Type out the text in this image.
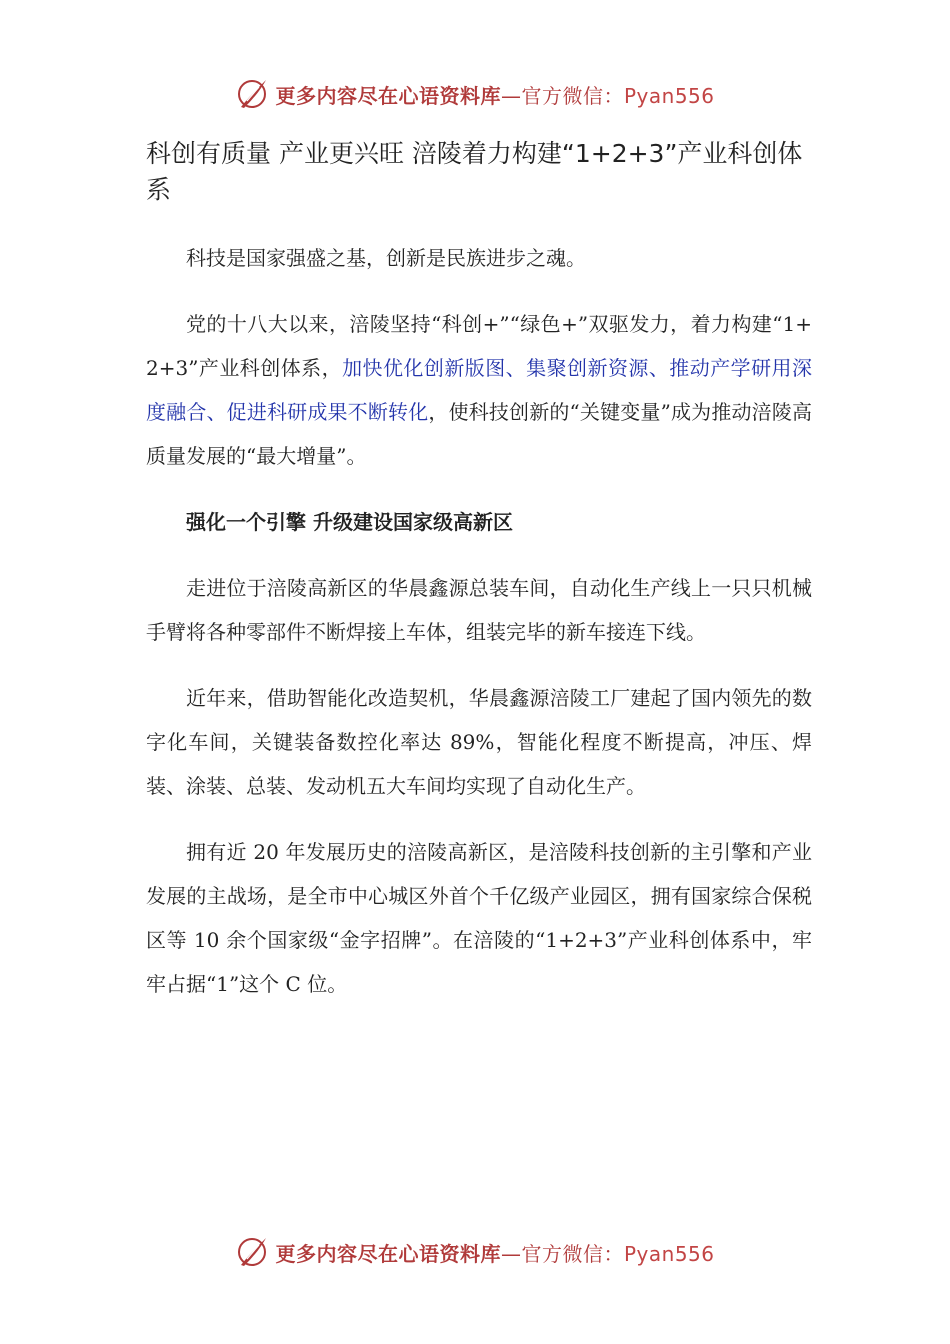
更多内容尽在心语资料库—官方微信：Pyan556
科创有质量 产业更兴旺 涪陵着力构建“1+2+3”产业科创体系

科技是国家强盛之基，创新是民族进步之魂。

党的十八大以来，涪陵坚持“科创+”“绿色+”双驱发力，着力构建“1+2+3”产业科创体系，加快优化创新版图、集聚创新资源、推动产学研用深度融合、促进科研成果不断转化，使科技创新的“关键变量”成为推动涪陵高质量发展的“最大增量”。

强化一个引擎 升级建设国家级高新区

走进位于涪陵高新区的华晨鑫源总装车间，自动化生产线上一只只机械手臂将各种零部件不断焊接上车体，组装完毕的新车接连下线。

近年来，借助智能化改造契机，华晨鑫源涪陵工厂建起了国内领先的数字化车间，关键装备数控化率达 89%，智能化程度不断提高，冲压、焊装、涂装、总装、发动机五大车间均实现了自动化生产。

拥有近 20 年发展历史的涪陵高新区，是涪陵科技创新的主引擎和产业发展的主战场，是全市中心城区外首个千亿级产业园区，拥有国家综合保税区等 10 余个国家级“金字招牌”。在涪陵的“1+2+3”产业科创体系中，牢牢占据“1”这个 C 位。

更多内容尽在心语资料库—官方微信：Pyan556
